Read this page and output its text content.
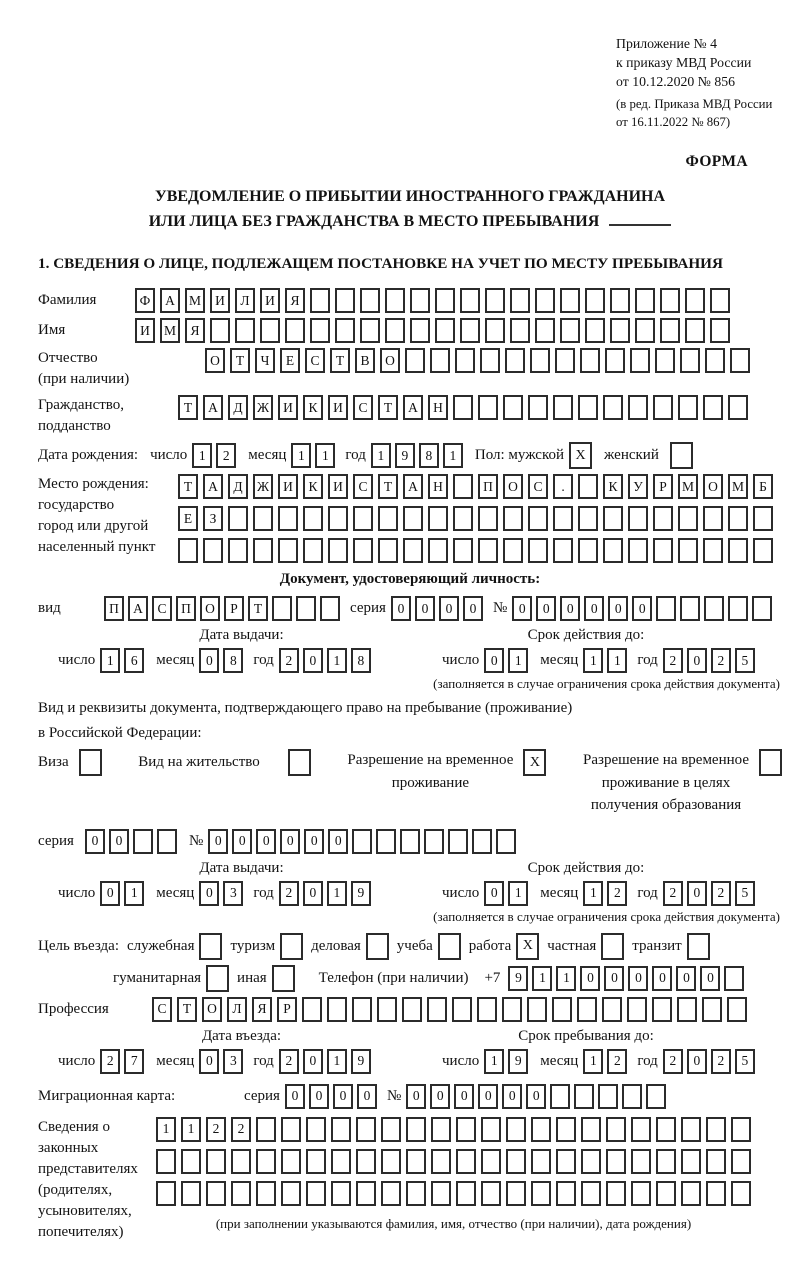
Приложение № 4
к приказу МВД России
от 10.12.2020 № 856
(в ред. Приказа МВД России
от 16.11.2022 № 867)
ФОРМА
УВЕДОМЛЕНИЕ О ПРИБЫТИИ ИНОСТРАННОГО ГРАЖДАНИНА
ИЛИ ЛИЦА БЕЗ ГРАЖДАНСТВА В МЕСТО ПРЕБЫВАНИЯ
1. СВЕДЕНИЯ О ЛИЦЕ, ПОДЛЕЖАЩЕМ ПОСТАНОВКЕ НА УЧЕТ ПО МЕСТУ ПРЕБЫВАНИЯ
Фамилия	Ф	А	М	И	Л	И	Я
Имя	И	М	Я
Отчество
(при наличии)
О	Т	Ч	Е	С	Т	В	О
Гражданство,
подданство
Т	А	Д	Ж	И	К	И	С	Т	А	Н
Дата рождения: число 1	2	месяц 1	1	год 1	9	8	1	Пол: мужской X	женский
Место рождения:
государство
город или другой
населенный пункт
Т	А	Д	Ж	И	К	И	С	Т	А	Н	П	О	С	.	К	У	Р	М	О	М	Б
Е	З
Документ, удостоверяющий личность:
вид	П	А	С	П	О	Р	Т	серия 0	0	0	0	№ 0	0	0	0	0	0
Дата выдачи:
число 1	6	месяц 0	8	год 2	0	1	8
Срок действия до:
число 0	1	месяц 1	1	год 2	0	2	5
(заполняется в случае ограничения срока действия документа)
Вид и реквизиты документа, подтверждающего право на пребывание (проживание)
в Российской Федерации:
Виза	Вид на жительство	Разрешение на временное
проживание
X	Разрешение на временное
проживание в целях
получения образования
серия	0	0	№ 0	0	0	0	0	0
Дата выдачи:
число 0	1	месяц 0	3	год 2	0	1	9
Срок действия до:
число 0	1	месяц 1	2	год 2	0	2	5
(заполняется в случае ограничения срока действия документа)
Цель въезда: служебная туризм деловая учеба работа X частная транзит
гуманитарная иная	Телефон (при наличии) +7	9	1	1	0	0	0	0	0	0
Профессия	С	Т	О	Л	Я	Р
Дата въезда:
число 2	7	месяц 0	3	год 2	0	1	9
Срок пребывания до:
число 1	9	месяц 1	2	год 2	0	2	5
Миграционная карта:	серия 0	0	0	0	№ 0	0	0	0	0	0
Сведения о
законных
представителях
(родителях,
усыновителях,
попечителях)
1	1	2	2
(при заполнении указываются фамилия, имя, отчество (при наличии), дата рождения)
